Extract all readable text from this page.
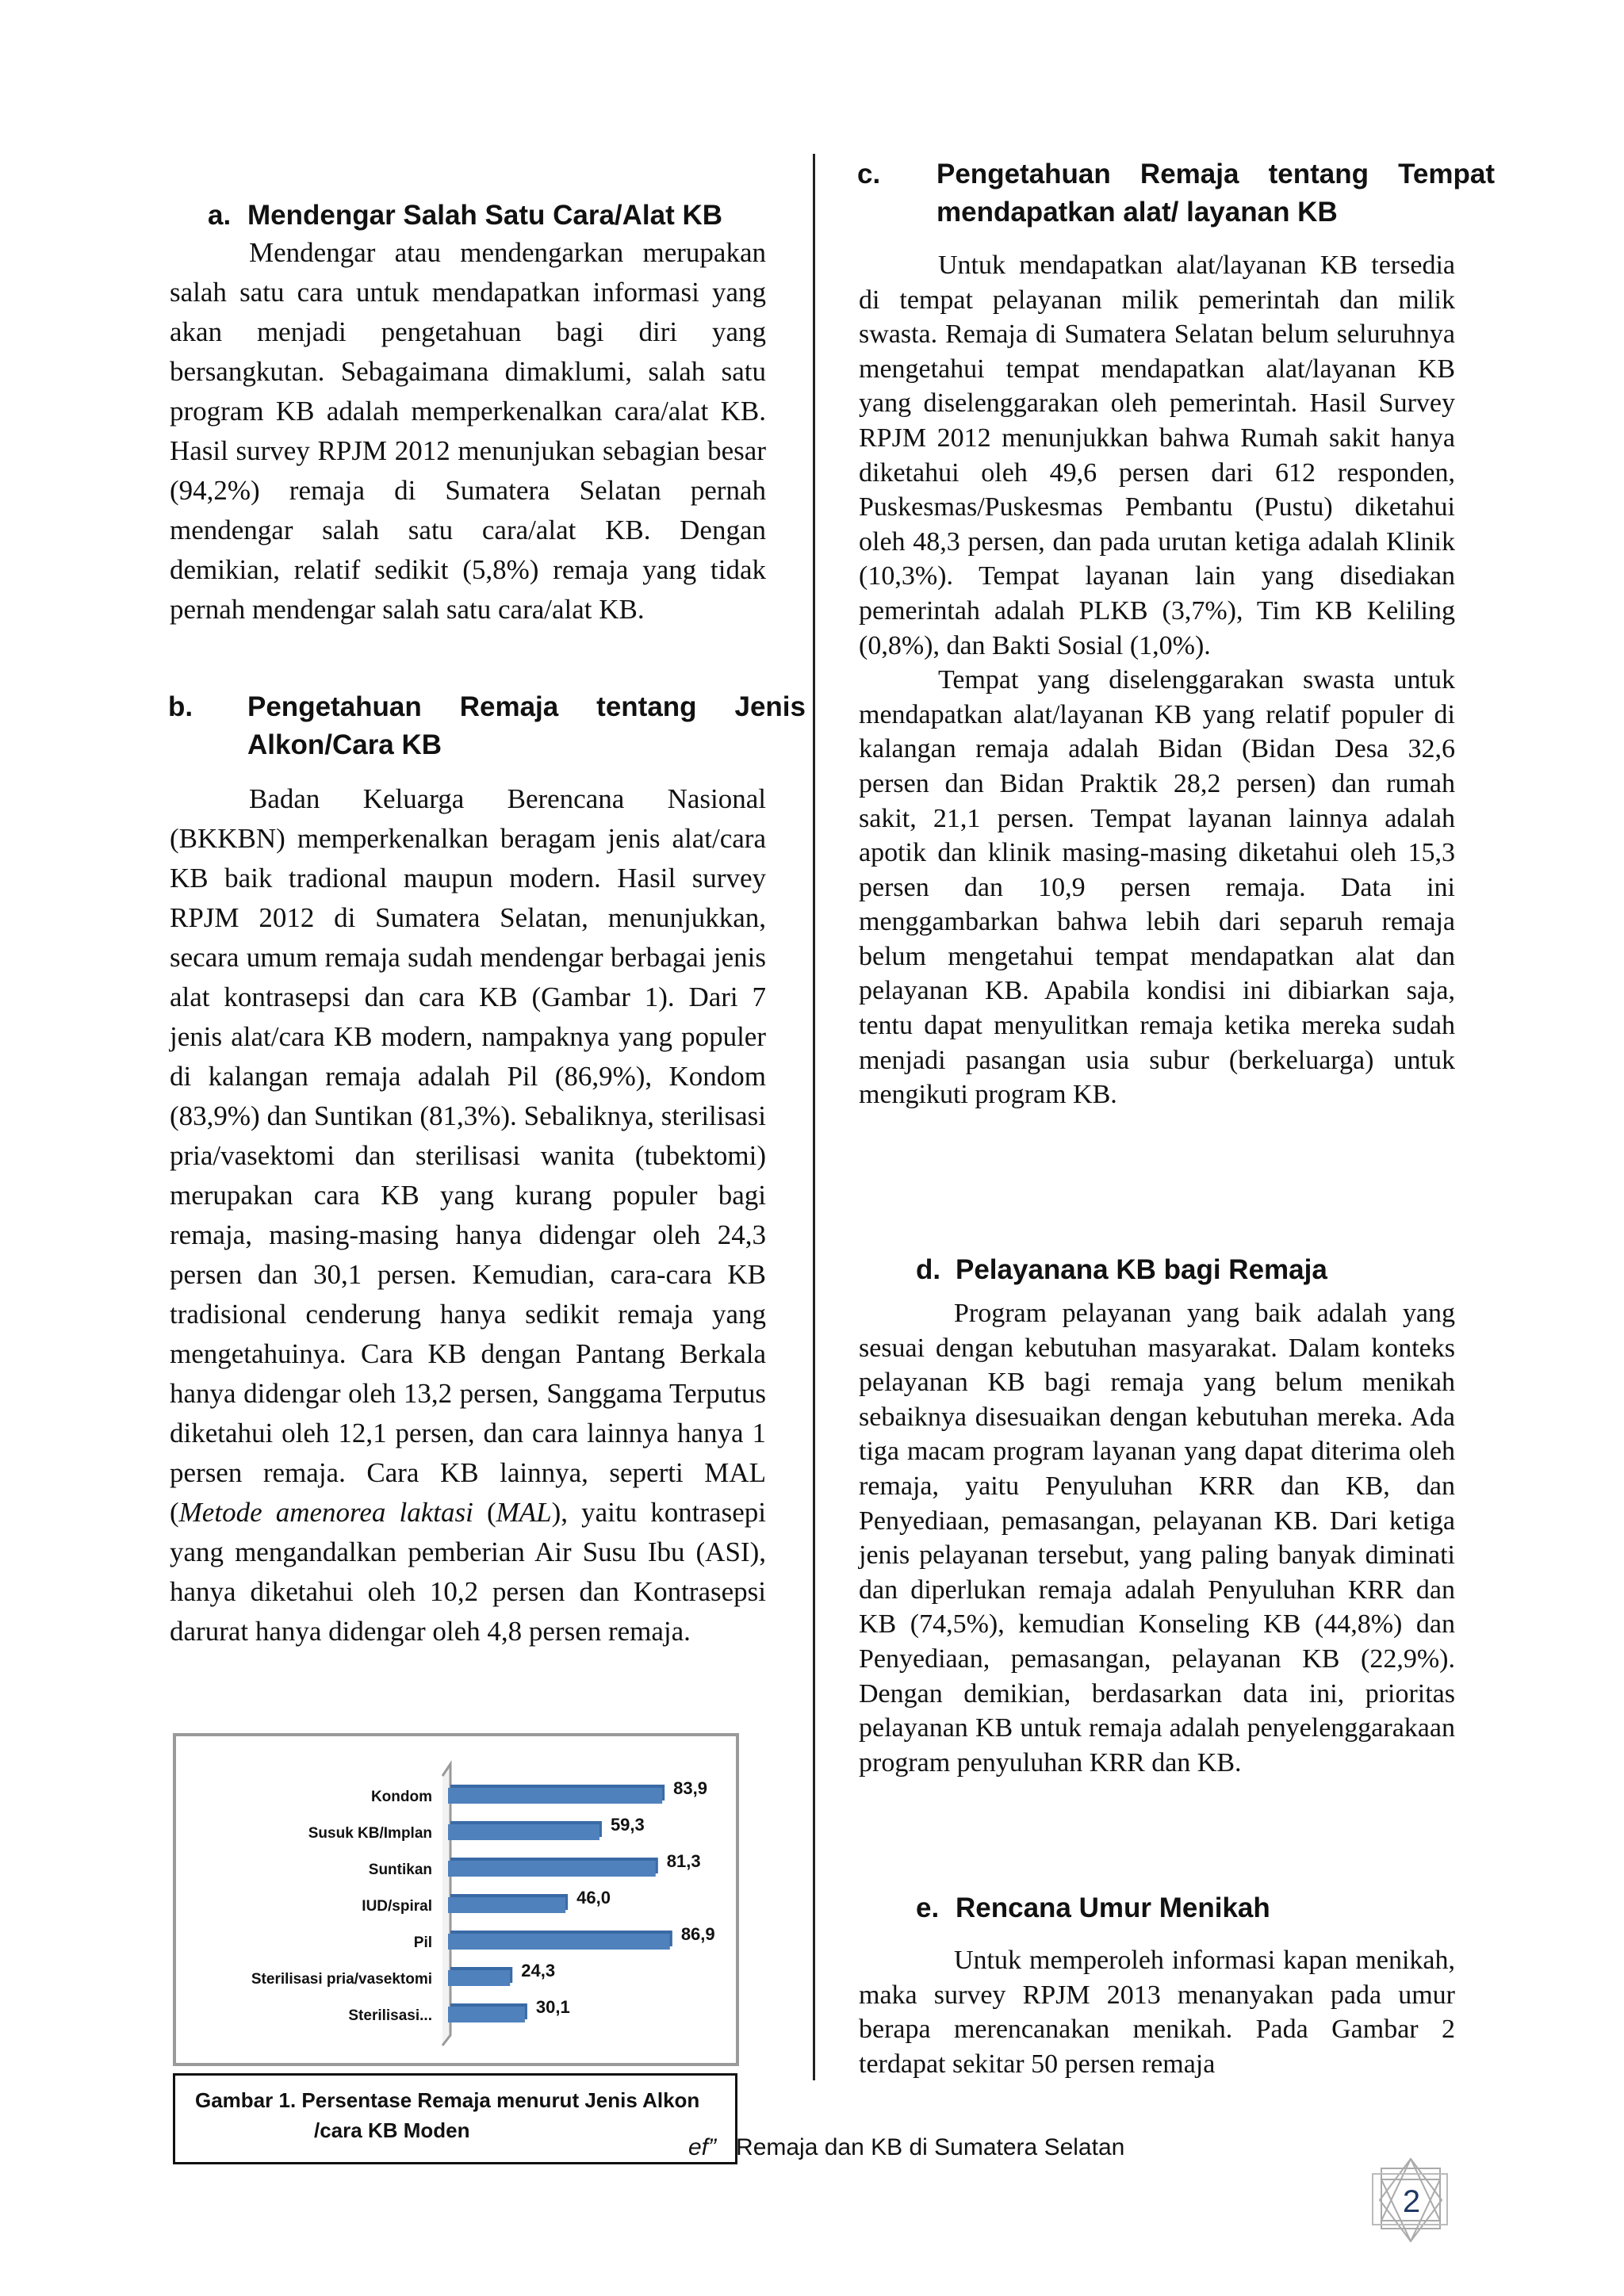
a. Mendengar Salah Satu Cara/Alat KB

Mendengar atau mendengarkan merupakan salah satu cara untuk mendapatkan informasi yang akan menjadi pengetahuan bagi diri yang bersangkutan. Sebagaimana dimaklumi, salah satu program KB adalah memperkenalkan cara/alat KB. Hasil survey RPJM 2012 menunjukan sebagian besar (94,2%) remaja di Sumatera Selatan pernah mendengar salah satu cara/alat KB. Dengan demikian, relatif sedikit (5,8%) remaja yang tidak pernah mendengar salah satu cara/alat KB.

b. Pengetahuan Remaja tentang Jenis Alkon/Cara KB

Badan Keluarga Berencana Nasional (BKKBN) memperkenalkan beragam jenis alat/cara KB baik tradional maupun modern. Hasil survey RPJM 2012 di Sumatera Selatan, menunjukkan, secara umum remaja sudah mendengar berbagai jenis alat kontrasepsi dan cara KB (Gambar 1). Dari 7 jenis alat/cara KB modern, nampaknya yang populer di kalangan remaja adalah Pil (86,9%), Kondom (83,9%) dan Suntikan (81,3%). Sebaliknya, sterilisasi pria/vasektomi dan sterilisasi wanita (tubektomi) merupakan cara KB yang kurang populer bagi remaja, masing-masing hanya didengar oleh 24,3 persen dan 30,1 persen. Kemudian, cara-cara KB tradisional cenderung hanya sedikit remaja yang mengetahuinya. Cara KB dengan Pantang Berkala hanya didengar oleh 13,2 persen, Sanggama Terputus diketahui oleh 12,1 persen, dan cara lainnya hanya 1 persen remaja. Cara KB lainnya, seperti MAL (Metode amenorea laktasi (MAL), yaitu kontrasepi yang mengandalkan pemberian Air Susu Ibu (ASI), hanya diketahui oleh 10,2 persen dan Kontrasepsi darurat hanya didengar oleh 4,8 persen remaja.

Kondom	83,9
Susuk KB/Implan	59,3
Suntikan	81,3
IUD/spiral	46,0
Pil	86,9
Sterilisasi pria/vasektomi	24,3
Sterilisasi...	30,1
Gambar 1. Persentase Remaja menurut Jenis Alkon
/cara KB Moden
c. Pengetahuan Remaja tentang Tempat mendapatkan alat/ layanan KB

Untuk mendapatkan alat/layanan KB tersedia di tempat pelayanan milik pemerintah dan milik swasta. Remaja di Sumatera Selatan belum seluruhnya mengetahui tempat mendapatkan alat/layanan KB yang diselenggarakan oleh pemerintah. Hasil Survey RPJM 2012 menunjukkan bahwa Rumah sakit hanya diketahui oleh 49,6 persen dari 612 responden, Puskesmas/Puskesmas Pembantu (Pustu) diketahui oleh 48,3 persen, dan pada urutan ketiga adalah Klinik (10,3%). Tempat layanan lain yang disediakan pemerintah adalah PLKB (3,7%), Tim KB Keliling (0,8%), dan Bakti Sosial (1,0%).

Tempat yang diselenggarakan swasta untuk mendapatkan alat/layanan KB yang relatif populer di kalangan remaja adalah Bidan (Bidan Desa 32,6 persen dan Bidan Praktik 28,2 persen) dan rumah sakit, 21,1 persen. Tempat layanan lainnya adalah apotik dan klinik masing-masing diketahui oleh 15,3 persen dan 10,9 persen remaja. Data ini menggambarkan bahwa lebih dari separuh remaja belum mengetahui tempat mendapatkan alat dan pelayanan KB. Apabila kondisi ini dibiarkan saja, tentu dapat menyulitkan remaja ketika mereka sudah menjadi pasangan usia subur (berkeluarga) untuk mengikuti program KB.

d. Pelayanana KB bagi Remaja

Program pelayanan yang baik adalah yang sesuai dengan kebutuhan masyarakat. Dalam konteks pelayanan KB bagi remaja yang belum menikah sebaiknya disesuaikan dengan kebutuhan mereka. Ada tiga macam program layanan yang dapat diterima oleh remaja, yaitu Penyuluhan KRR dan KB, dan Penyediaan, pemasangan, pelayanan KB. Dari ketiga jenis pelayanan tersebut, yang paling banyak diminati dan diperlukan remaja adalah Penyuluhan KRR dan KB (74,5%), kemudian Konseling KB (44,8%) dan Penyediaan, pemasangan, pelayanan KB (22,9%). Dengan demikian, berdasarkan data ini, prioritas pelayanan KB untuk remaja adalah penyelenggarakaan program penyuluhan KRR dan KB.

e. Rencana Umur Menikah

Untuk memperoleh informasi kapan menikah, maka survey RPJM 2013 menanyakan pada umur berapa merencanakan menikah. Pada Gambar 2 terdapat sekitar 50 persen remaja

ef” Remaja dan KB di Sumatera Selatan
2
